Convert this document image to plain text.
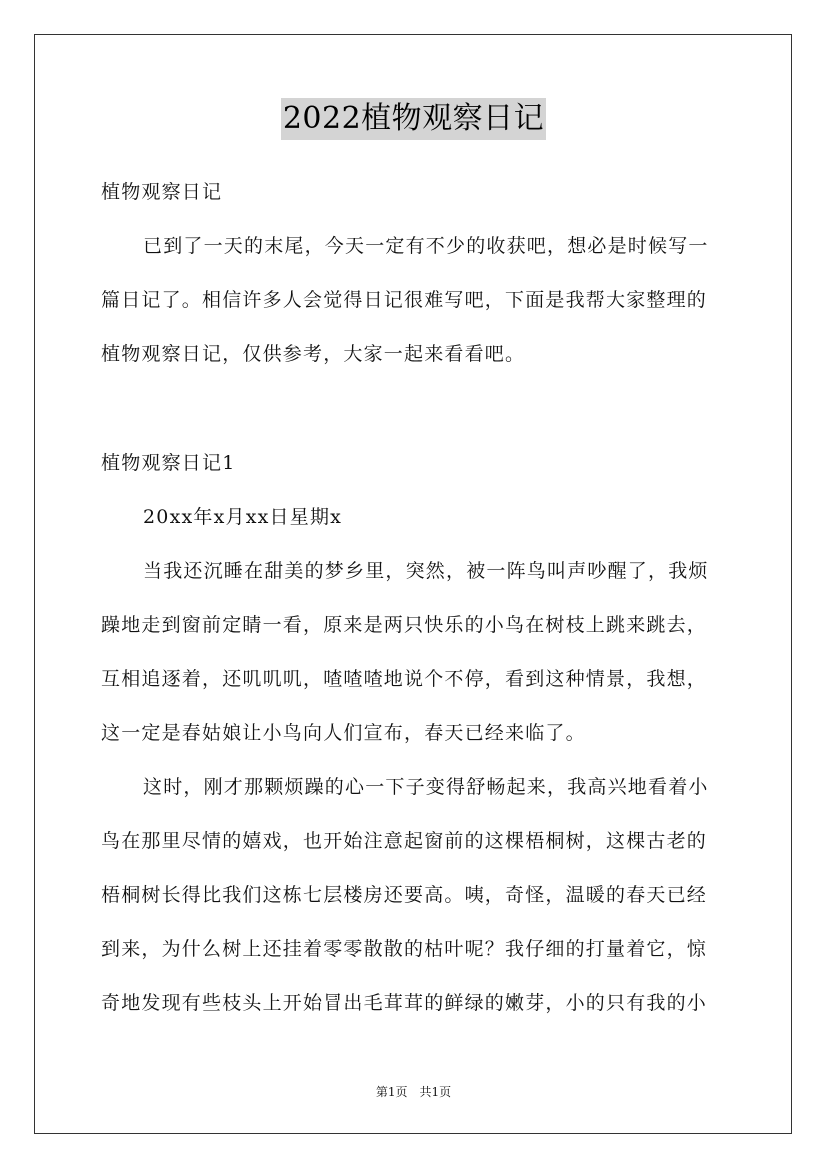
2022植物观察日记

植物观察日记

已到了一天的末尾，今天一定有不少的收获吧，想必是时候写一篇日记了。相信许多人会觉得日记很难写吧，下面是我帮大家整理的植物观察日记，仅供参考，大家一起来看看吧。

植物观察日记1

20xx年x月xx日星期x

当我还沉睡在甜美的梦乡里，突然，被一阵鸟叫声吵醒了，我烦躁地走到窗前定睛一看，原来是两只快乐的小鸟在树枝上跳来跳去，互相追逐着，还叽叽叽，喳喳喳地说个不停，看到这种情景，我想，这一定是春姑娘让小鸟向人们宣布，春天已经来临了。

这时，刚才那颗烦躁的心一下子变得舒畅起来，我高兴地看着小鸟在那里尽情的嬉戏，也开始注意起窗前的这棵梧桐树，这棵古老的梧桐树长得比我们这栋七层楼房还要高。咦，奇怪，温暖的春天已经到来，为什么树上还挂着零零散散的枯叶呢？我仔细的打量着它，惊奇地发现有些枝头上开始冒出毛茸茸的鲜绿的嫩芽，小的只有我的小

第1页　共1页
